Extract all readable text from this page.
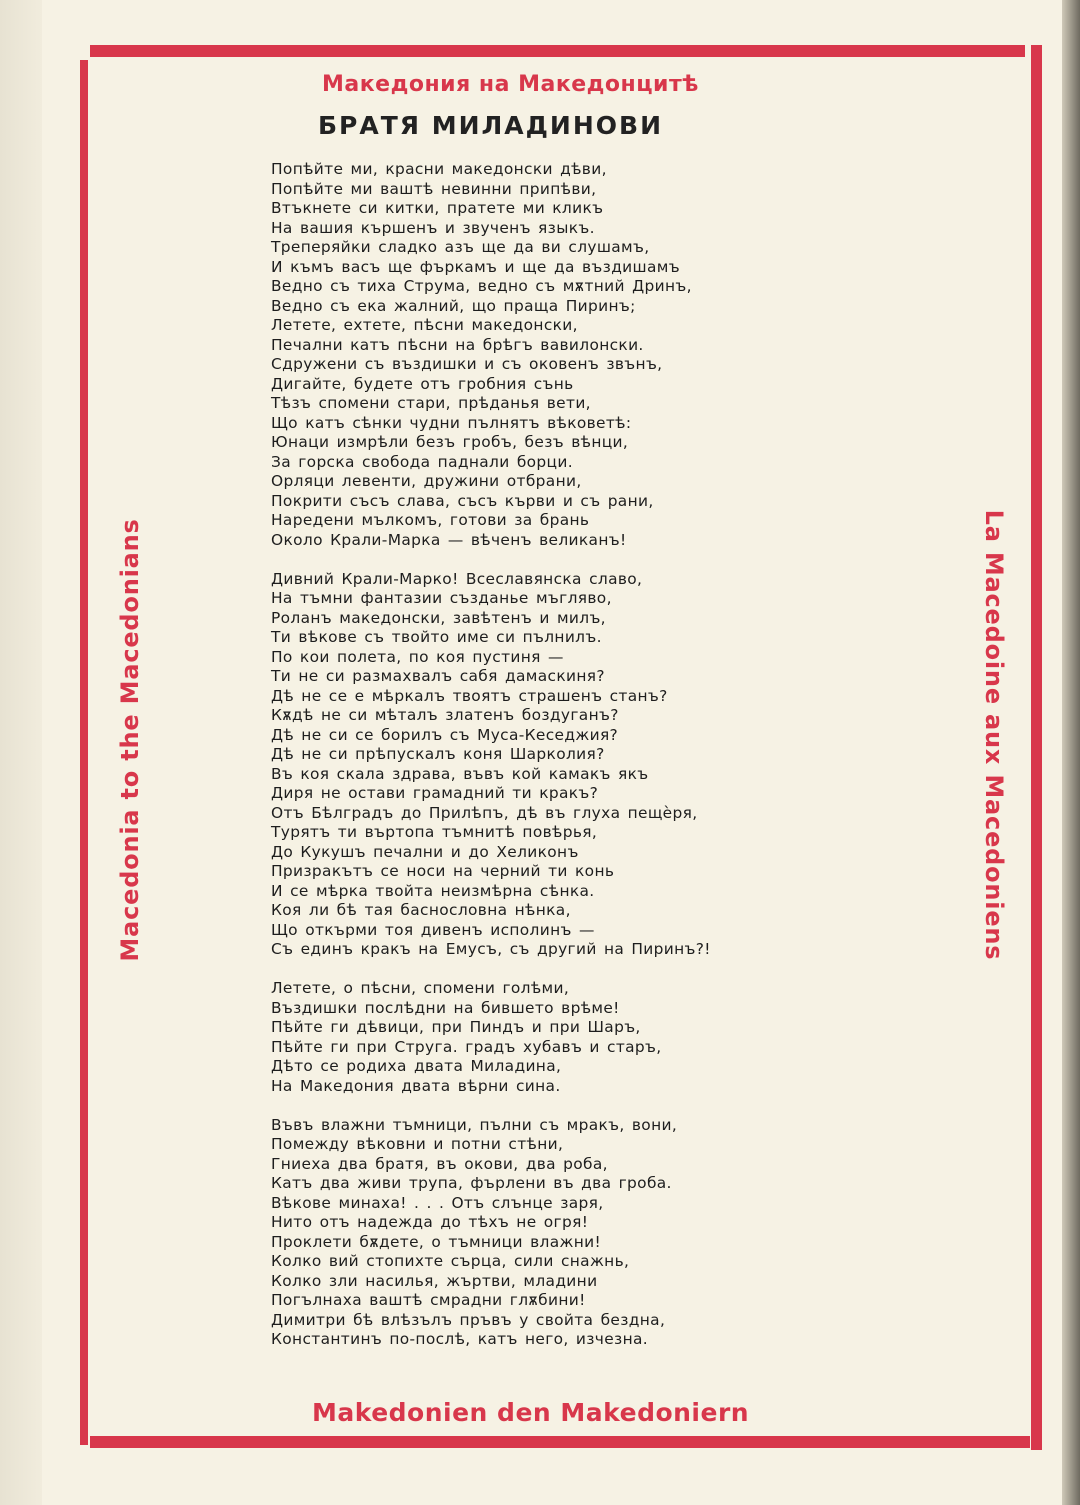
Македония на Македонцитѣ
БРАТЯ МИЛАДИНОВИ
Macedonia to the Macedonians	La Macedoine aux Macedoniens
Попѣйте ми, красни македонски дѣви,
Попѣйте ми ваштѣ невинни припѣви,
Втъкнете си китки, пратете ми кликъ
На вашия кършенъ и звученъ языкъ.
Треперяйки сладко азъ ще да ви слушамъ,
И къмъ васъ ще фъркамъ и ще да въздишамъ
Ведно съ тиха Струма, ведно съ мѫтний Дринъ,
Ведно съ ека жалний, що праща Пиринъ;
Летете, ехтете, пѣсни македонски,
Печални катъ пѣсни на брѣгъ вавилонски.
Сдружени съ въздишки и съ оковенъ звънъ,
Дигайте, будете отъ гробния сънь
Тѣзъ спомени стари, прѣданья вети,
Що катъ сѣнки чудни пълнятъ вѣковетѣ:
Юнаци измрѣли безъ гробъ, безъ вѣнци,
За горска свобода паднали борци.
Орляци левенти, дружини отбрани,
Покрити съсъ слава, съсъ кърви и съ рани,
Наредени мълкомъ, готови за брань
Около Крали-Марка — вѣченъ великанъ!
Дивний Крали-Марко! Всеславянска славо,
На тъмни фантазии създанье мъгляво,
Роланъ македонски, завѣтенъ и милъ,
Ти вѣкове съ твойто име си пълнилъ.
По кои полета, по коя пустиня —
Ти не си размахвалъ сабя дамаскиня?
Дѣ не се е мѣркалъ твоятъ страшенъ станъ?
Кѫдѣ не си мѣталъ златенъ боздуганъ?
Дѣ не си се борилъ съ Муса-Кеседжия?
Дѣ не си прѣпускалъ коня Шарколия?
Въ коя скала здрава, въвъ кой камакъ якъ
Диря не остави грамадний ти кракъ?
Отъ Бѣлградъ до Прилѣпъ, дѣ въ глуха пещѐря,
Турятъ ти въртопа тъмнитѣ повѣрья,
До Кукушъ печални и до Хеликонъ
Призракътъ се носи на черний ти конь
И се мѣрка твойта неизмѣрна сѣнка.
Коя ли бѣ тая баснословна нѣнка,
Що откърми тоя дивенъ исполинъ —
Съ единъ кракъ на Емусъ, съ другий на Пиринъ?!
Летете, о пѣсни, спомени голѣми,
Въздишки послѣдни на бившето врѣме!
Пѣйте ги дѣвици, при Пиндъ и при Шаръ,
Пѣйте ги при Струга. градъ хубавъ и старъ,
Дѣто се родиха двата Миладина,
На Македония двата вѣрни сина.
Въвъ влажни тъмници, пълни съ мракъ, вони,
Помежду вѣковни и потни стѣни,
Гниеха два братя, въ окови, два роба,
Катъ два живи трупа, фърлени въ два гроба.
Вѣкове минаха! . . . Отъ слънце заря,
Нито отъ надежда до тѣхъ не огря!
Проклети бѫдете, о тъмници влажни!
Колко вий стопихте сърца, сили снажнь,
Колко зли насилья, жъртви, младини
Погълнаха ваштѣ смрадни глѫбини!
Димитри бѣ влѣзълъ пръвъ у свойта бездна,
Константинъ по-послѣ, катъ него, изчезна.
Makedonien den Makedoniern
